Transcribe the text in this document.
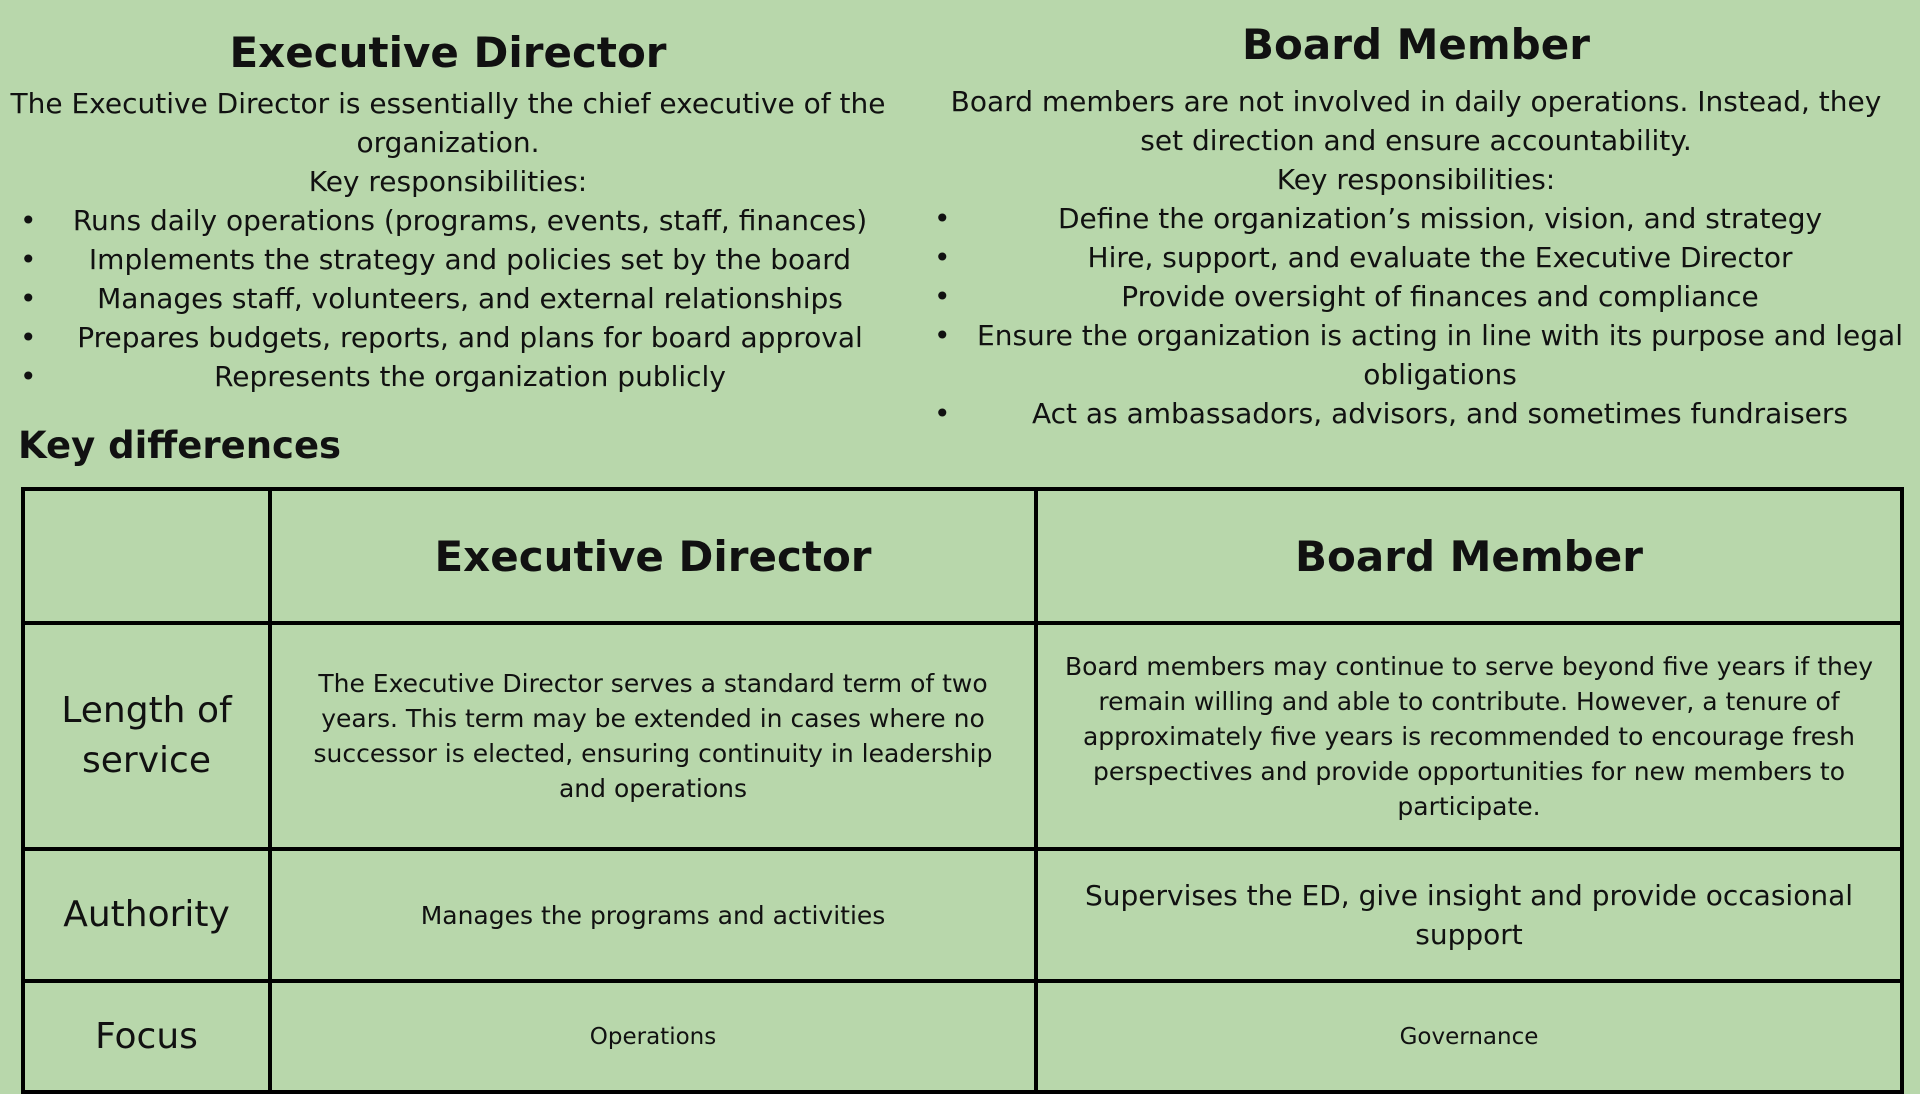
Executive Director

The Executive Director is essentially the chief executive of the organization.

Key responsibilities:

• Runs daily operations (programs, events, staff, finances)
• Implements the strategy and policies set by the board
• Manages staff, volunteers, and external relationships
• Prepares budgets, reports, and plans for board approval
•	Represents the organization publicly
Board Member

Board members are not involved in daily operations. Instead, they set direction and ensure accountability.

Key responsibilities:

•	Define the organization’s mission, vision, and strategy
•	Hire, support, and evaluate the Executive Director
•	Provide oversight of finances and compliance
• Ensure the organization is acting in line with its purpose and legal obligations
•	Act as ambassadors, advisors, and sometimes fundraisers
Key differences
	Executive Director	Board Member
Length of service	The Executive Director serves a standard term of two years. This term may be extended in cases where no successor is elected, ensuring continuity in leadership and operations	Board members may continue to serve beyond five years if they remain willing and able to contribute. However, a tenure of approximately five years is recommended to encourage fresh perspectives and provide opportunities for new members to participate.
Authority	Manages the programs and activities	Supervises the ED, give insight and provide occasional support
Focus	Operations	Governance
